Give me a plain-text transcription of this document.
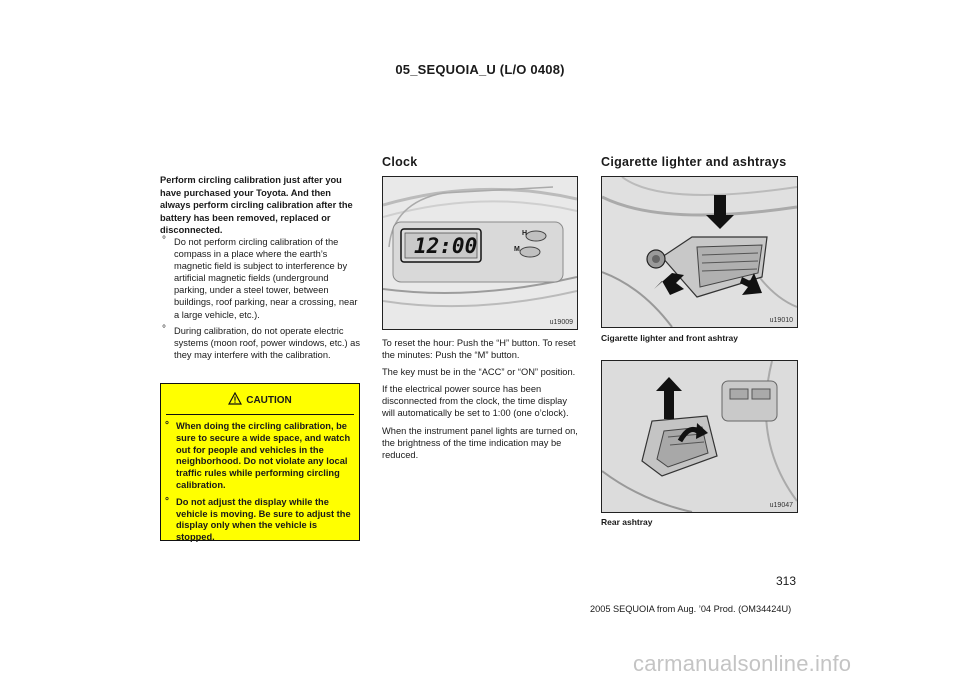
05_SEQUOIA_U (L/O 0408)
Perform circling calibration just after you have purchased your Toyota. And then always perform circling calibration after the battery has been removed, replaced or disconnected.
° Do not perform circling calibration of the compass in a place where the earth’s magnetic field is subject to interference by artificial magnetic fields (underground parking, under a steel tower, between buildings, roof parking, near a crossing, near a large vehicle, etc.).
° During calibration, do not operate electric systems (moon roof, power windows, etc.) as they may interfere with the calibration.
CAUTION
° When doing the circling calibration, be sure to secure a wide space, and watch out for people and vehicles in the neighborhood. Do not violate any local traffic rules while performing circling calibration.
° Do not adjust the display while the vehicle is moving. Be sure to adjust the display only when the vehicle is stopped.
Clock	Cigarette lighter and ashtrays
12:00
H
M
u19009

To reset the hour: Push the “H” button. To reset the minutes: Push the “M” button.

The key must be in the “ACC” or “ON” position.

If the electrical power source has been disconnected from the clock, the time display will automatically be set to 1:00 (one o’clock).

When the instrument panel lights are turned on, the brightness of the time indication may be reduced.

u19010
Cigarette lighter and front ashtray
u19047
Rear ashtray
313
2005 SEQUOIA from Aug. ’04 Prod. (OM34424U)
carmanualsonline.info
